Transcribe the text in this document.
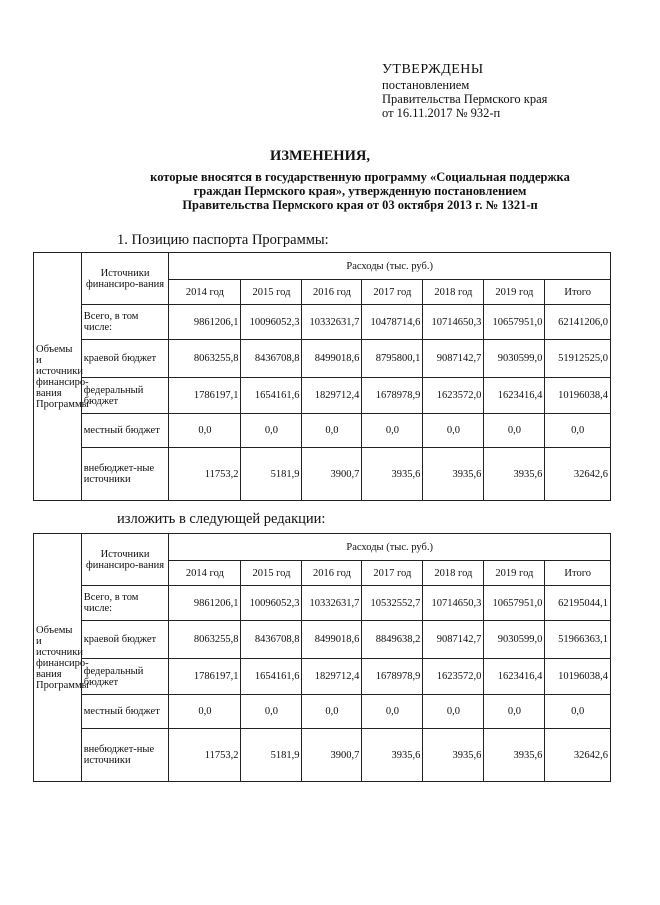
УТВЕРЖДЕНЫ
постановлением
Правительства Пермского края
от 16.11.2017 № 932-п
ИЗМЕНЕНИЯ,
которые вносятся в государственную программу «Социальная поддержка
граждан Пермского края», утвержденную постановлением
Правительства Пермского края от 03 октября 2013 г. № 1321-п
1. Позицию паспорта Программы:
Объемы и источники финансиро-вания Программы	Источники финансиро-вания	Расходы (тыс. руб.)						
		2014 год	2015 год	2016 год	2017 год	2018 год	2019 год	Итого
	Всего, в том числе:	9861206,1	10096052,3	10332631,7	10478714,6	10714650,3	10657951,0	62141206,0
	краевой бюджет	8063255,8	8436708,8	8499018,6	8795800,1	9087142,7	9030599,0	51912525,0
	федеральный бюджет	1786197,1	1654161,6	1829712,4	1678978,9	1623572,0	1623416,4	10196038,4
	местный бюджет	0,0	0,0	0,0	0,0	0,0	0,0	0,0
	внебюджет-ные источники	11753,2	5181,9	3900,7	3935,6	3935,6	3935,6	32642,6
изложить в следующей редакции:
Объемы и источники финансиро-вания Программы	Источники финансиро-вания	Расходы (тыс. руб.)						
		2014 год	2015 год	2016 год	2017 год	2018 год	2019 год	Итого
	Всего, в том числе:	9861206,1	10096052,3	10332631,7	10532552,7	10714650,3	10657951,0	62195044,1
	краевой бюджет	8063255,8	8436708,8	8499018,6	8849638,2	9087142,7	9030599,0	51966363,1
	федеральный бюджет	1786197,1	1654161,6	1829712,4	1678978,9	1623572,0	1623416,4	10196038,4
	местный бюджет	0,0	0,0	0,0	0,0	0,0	0,0	0,0
	внебюджет-ные источники	11753,2	5181,9	3900,7	3935,6	3935,6	3935,6	32642,6
